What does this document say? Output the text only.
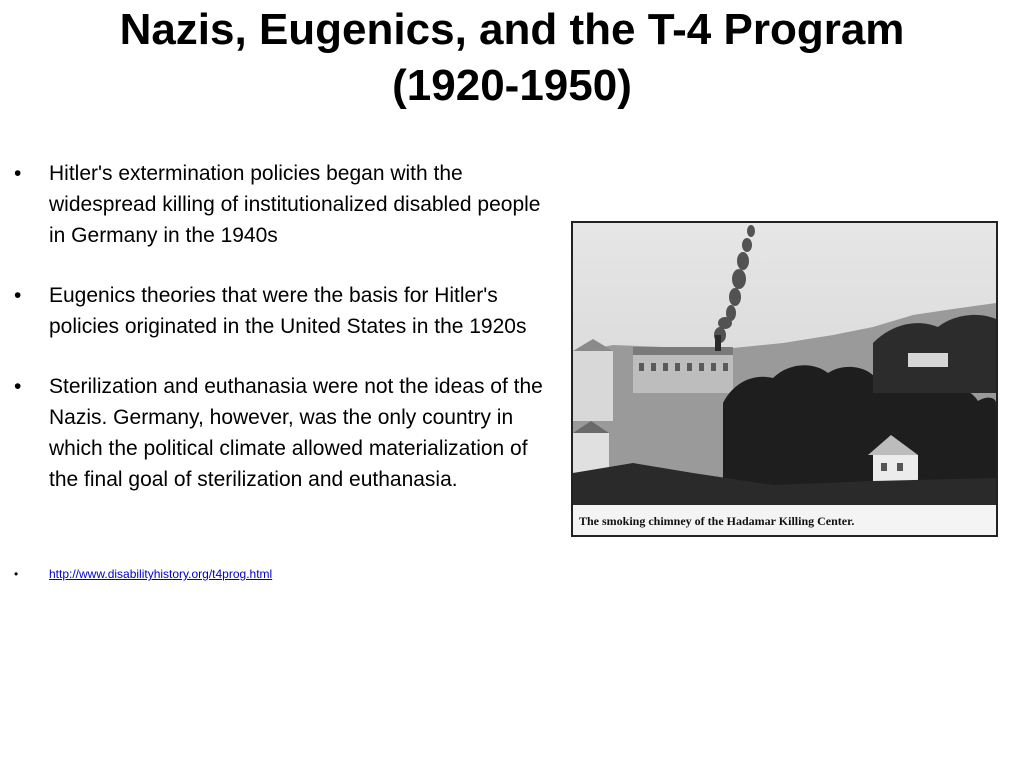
Nazis, Eugenics, and the T-4 Program
(1920-1950)
•	Hitler's extermination policies began with the widespread killing of institutionalized disabled people in Germany in the 1940s
•	Eugenics theories that were the basis for Hitler's policies originated in the United States in the 1920s
•	Sterilization and euthanasia were not the ideas of the Nazis. Germany, however, was the only country in which the political climate allowed materialization of the final goal of sterilization and euthanasia.
•	http://www.disabilityhistory.org/t4prog.html
The smoking chimney of the Hadamar Killing Center.
